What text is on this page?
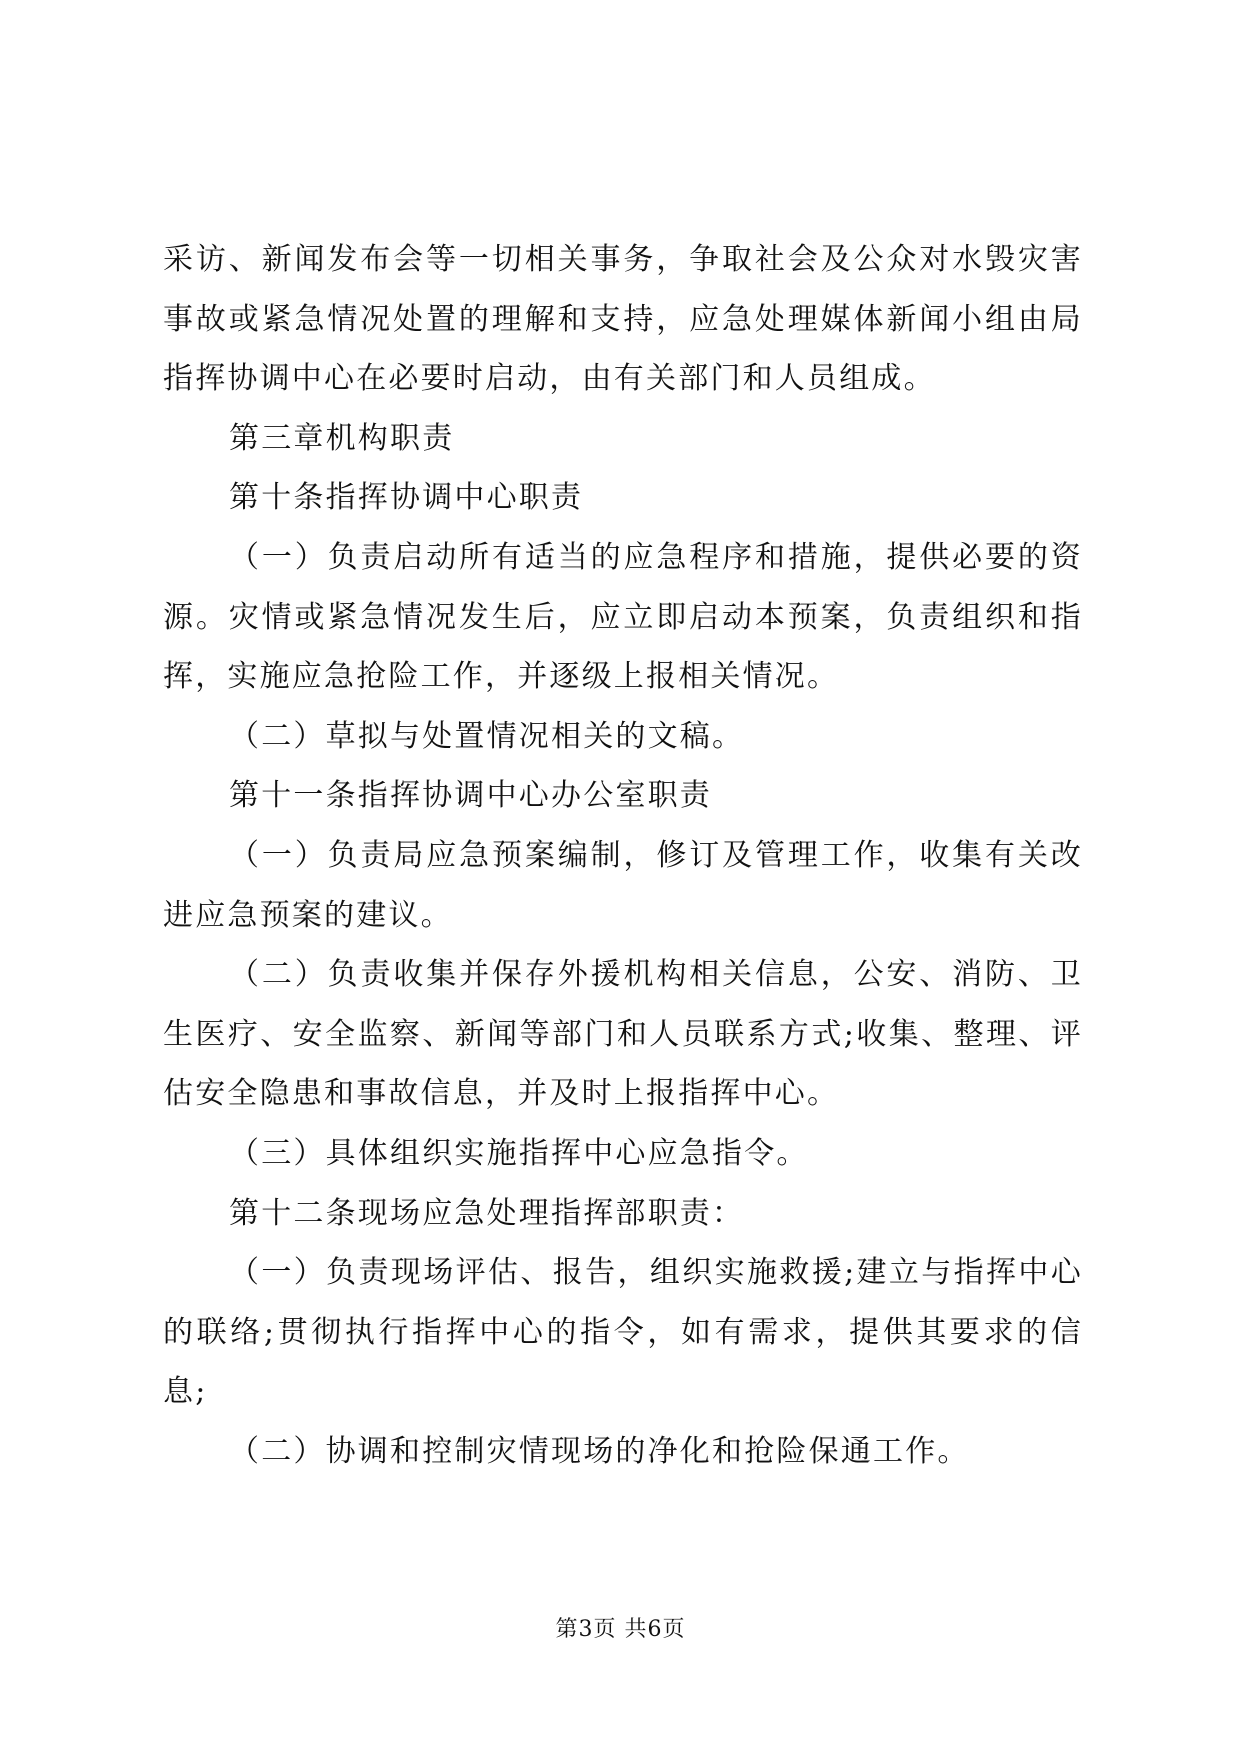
采访、新闻发布会等一切相关事务，争取社会及公众对水毁灾害事故或紧急情况处置的理解和支持，应急处理媒体新闻小组由局指挥协调中心在必要时启动，由有关部门和人员组成。

第三章机构职责

第十条指挥协调中心职责

（一）负责启动所有适当的应急程序和措施，提供必要的资源。灾情或紧急情况发生后，应立即启动本预案，负责组织和指挥，实施应急抢险工作，并逐级上报相关情况。

（二）草拟与处置情况相关的文稿。

第十一条指挥协调中心办公室职责

（一）负责局应急预案编制，修订及管理工作，收集有关改进应急预案的建议。

（二）负责收集并保存外援机构相关信息，公安、消防、卫生医疗、安全监察、新闻等部门和人员联系方式;收集、整理、评估安全隐患和事故信息，并及时上报指挥中心。

（三）具体组织实施指挥中心应急指令。

第十二条现场应急处理指挥部职责：

（一）负责现场评估、报告，组织实施救援;建立与指挥中心的联络;贯彻执行指挥中心的指令，如有需求，提供其要求的信息;

（二）协调和控制灾情现场的净化和抢险保通工作。

第3页 共6页
